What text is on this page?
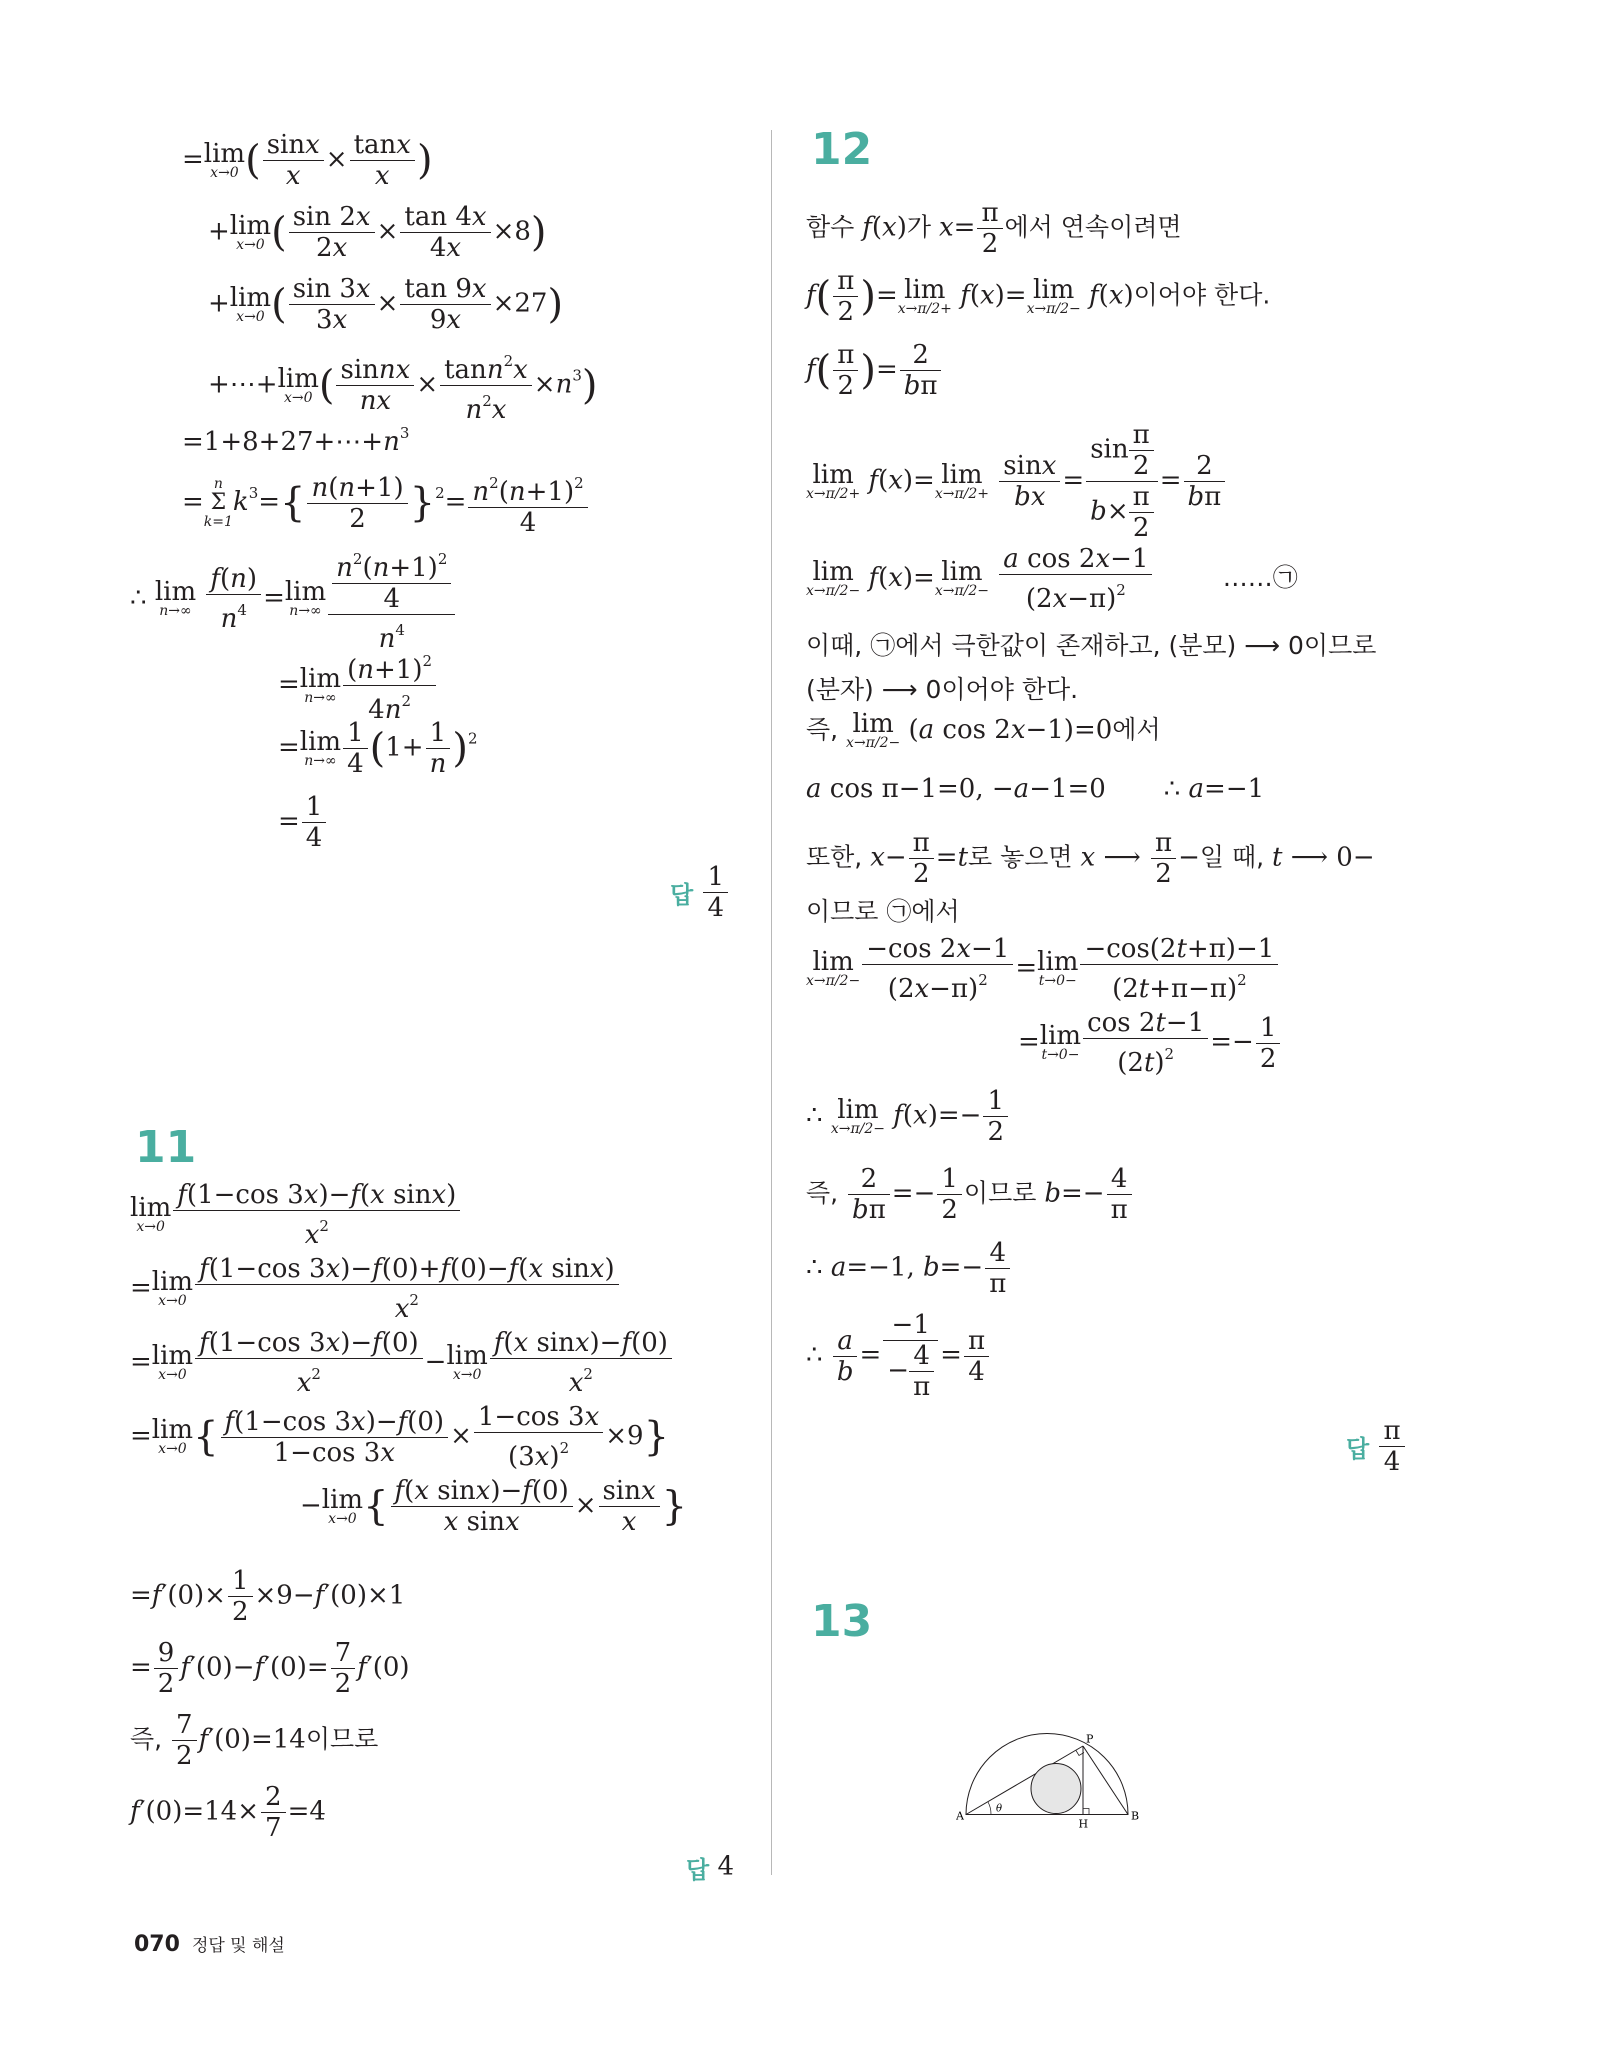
=lim
x→0 ( $\frac{\sin x}{x} \times \frac{\tan x}{x}$ )
+lim
x→0 ( $\frac{\sin 2x}{2x} \times \frac{\tan 4x}{4x} \times 8$)
+lim
x→0 ( $\frac{\sin 3x}{3x} \times \frac{\tan 9x}{9x} \times 27$)
+⋯+lim
x→0 ( $\frac{\text{sinnx}}{nx} \times \frac{\tan n^2x}{n^2x} \times n^3$)
$=1+8+27+\cdots+n^3$
=
n
Σ
k=1
$k^3=\{ \frac{n(n+1)}{2} \}^2= \frac{n^2(n+1)^2}{4}$
∴ lim
n→∞
$\frac{f(n)}{n^4} =\lim$
$n\to\infty \frac{\frac{n^2(n+1)^2}{4}}{n^4}$
=lim
$n\to\infty \frac{(n+1)^2}{4n^2}$
=lim
$n\to\infty \frac{1}{4} (1+ \frac{1}{n} )^2$
= $\frac{1}{4}$
답 $\frac{1}{4}$
11
lim
$x\to 0 \frac{\text{f(1−cos 3x)−f(x sinx)}}{x^2}$
=lim
$x\to 0 \frac{\text{f(1−cos 3x)−f(0)+f(0)−f(x sinx)}}{x^2}$
=lim
$x\to 0 \frac{f(1-\cos 3x)-f(0)}{x^2} -\lim$
$x\to 0 \frac{\text{f(x sinx)−f(0)}}{x^2}$
=lim
x→0 { $\frac{f(1-\cos 3x)-f(0)}{1-\cos 3x} \times \frac{1-\cos 3x}{(3x)^2} \times 9$}
−lim
x→0 { $\frac{\text{f(x sinx)−f(0)}}{\text{x sinx}} \times \frac{\sin x}{x}$ }
$=f'(0)\times \frac{1}{2} \times 9-f'(0)\times 1$
= $\frac{9}{2} f'(0)-f'(0)= \frac{7}{2} f'(0)$
즉, $\frac{7}{2} f'(0)=14$이므로
$f'(0)=14\times \frac{2}{7} =4$
답 4
12
함수 f(x)가 $x= \frac{\pi}{2}$ 에서 연속이려면
$f( \frac{\pi}{2}$ )= lim
x→π/2+ f(x)= lim
x→π/2− f(x)이어야 한다.
$f( \frac{\pi}{2}$ )= $\frac{2}{b\pi}$
lim
x→π/2+ f(x)= lim
x→π/2+
$\frac{\sin x}{bx} = \frac{\sin \frac{\pi}{2}}{b\times \frac{\pi}{2}} = \frac{2}{b\pi}$
lim
x→π/2− f(x)= lim
x→π/2−
$\frac{\text{a cos 2x−1}}{(2x-\pi)^2}$	……㉠
이때, ㉠에서 극한값이 존재하고, (분모) ⟶ 0이므로
(분자) ⟶ 0이어야 한다.
즉, lim
x→π/2− (a cos 2x−1)=0에서
a cos π−1=0, −a−1=0       ∴ a=−1
또한, $x- \frac{\pi}{2} =t$로 놓으면 x ⟶ $\frac{\pi}{2}$ −일 때, t ⟶ 0−
이므로 ㉠에서
lim
$x\to\pi/2- \frac{-\cos 2x-1}{(2x-\pi)^2} =\lim$
$t\to 0- \frac{-\cos(2t+\pi)-1}{(2t+\pi-\pi)^2}$
=lim
$t\to 0- \frac{\cos 2t-1}{(2t)^2} =- \frac{1}{2}$
∴ lim
$x\to\pi/2- f(x)=- \frac{1}{2}$
즉, $\frac{2}{b\pi} =- \frac{1}{2}$ 이므로 $b=- \frac{4}{\pi}$
∴ a=−1, $b=- \frac{4}{\pi}$
∴ $\frac{a}{b} = \frac{-1}{- \frac{4}{\pi}} = \frac{\pi}{4}$
답 $\frac{\pi}{4}$
13
A	B
P
H
θ
070 정답 및 해설
